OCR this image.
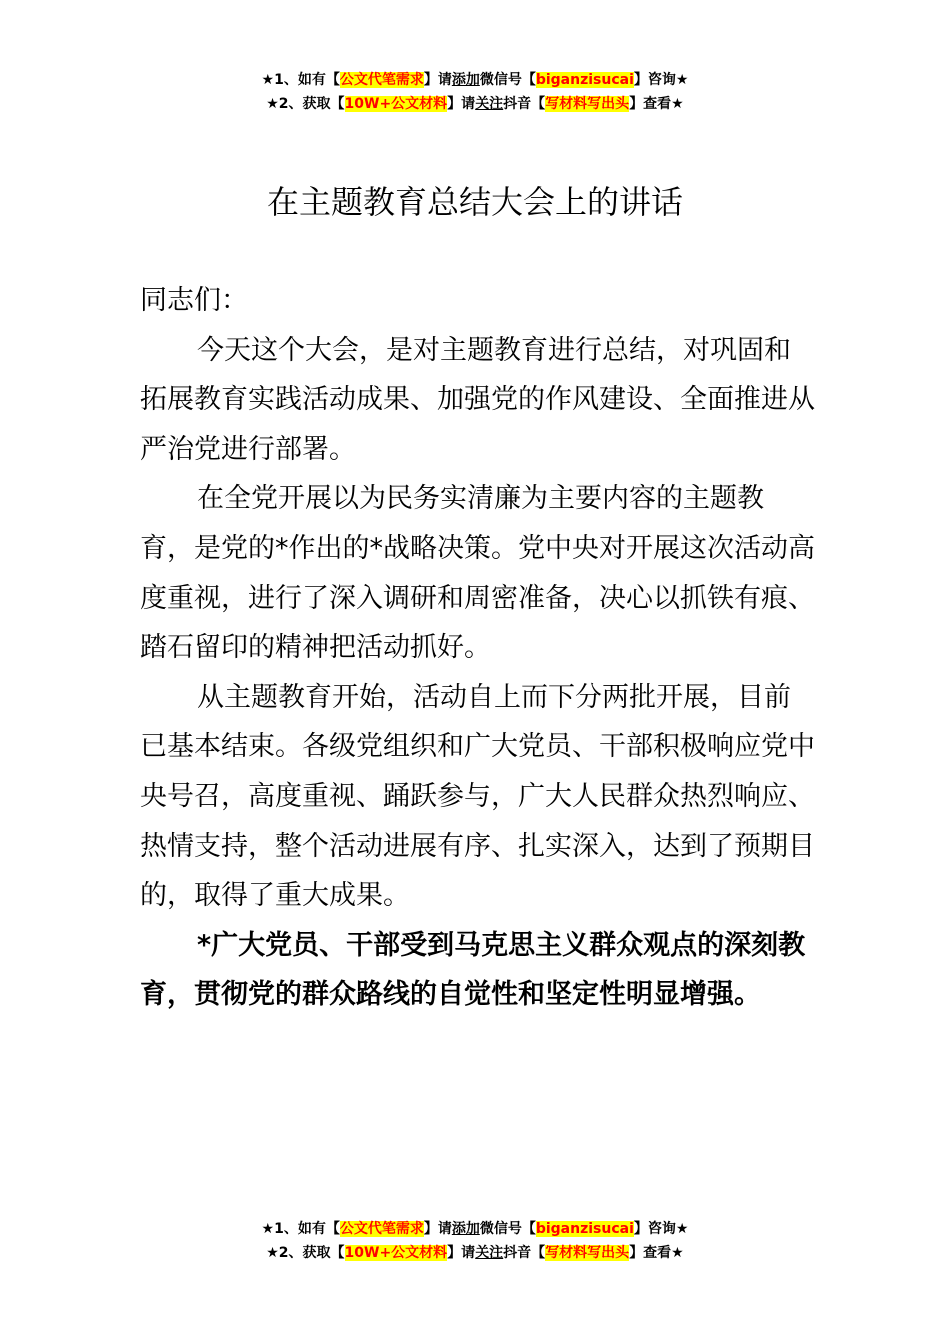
★1、如有【公文代笔需求】请添加微信号【biganzisucai】咨询★
★2、获取【10W+公文材料】请关注抖音【写材料写出头】查看★
在主题教育总结大会上的讲话

同志们：

今天这个大会，是对主题教育进行总结，对巩固和拓展教育实践活动成果、加强党的作风建设、全面推进从严治党进行部署。

在全党开展以为民务实清廉为主要内容的主题教育，是党的*作出的*战略决策。党中央对开展这次活动高度重视，进行了深入调研和周密准备，决心以抓铁有痕、踏石留印的精神把活动抓好。

从主题教育开始，活动自上而下分两批开展，目前已基本结束。各级党组织和广大党员、干部积极响应党中央号召，高度重视、踊跃参与，广大人民群众热烈响应、热情支持，整个活动进展有序、扎实深入，达到了预期目的，取得了重大成果。

*广大党员、干部受到马克思主义群众观点的深刻教育，贯彻党的群众路线的自觉性和坚定性明显增强。

★1、如有【公文代笔需求】请添加微信号【biganzisucai】咨询★
★2、获取【10W+公文材料】请关注抖音【写材料写出头】查看★
